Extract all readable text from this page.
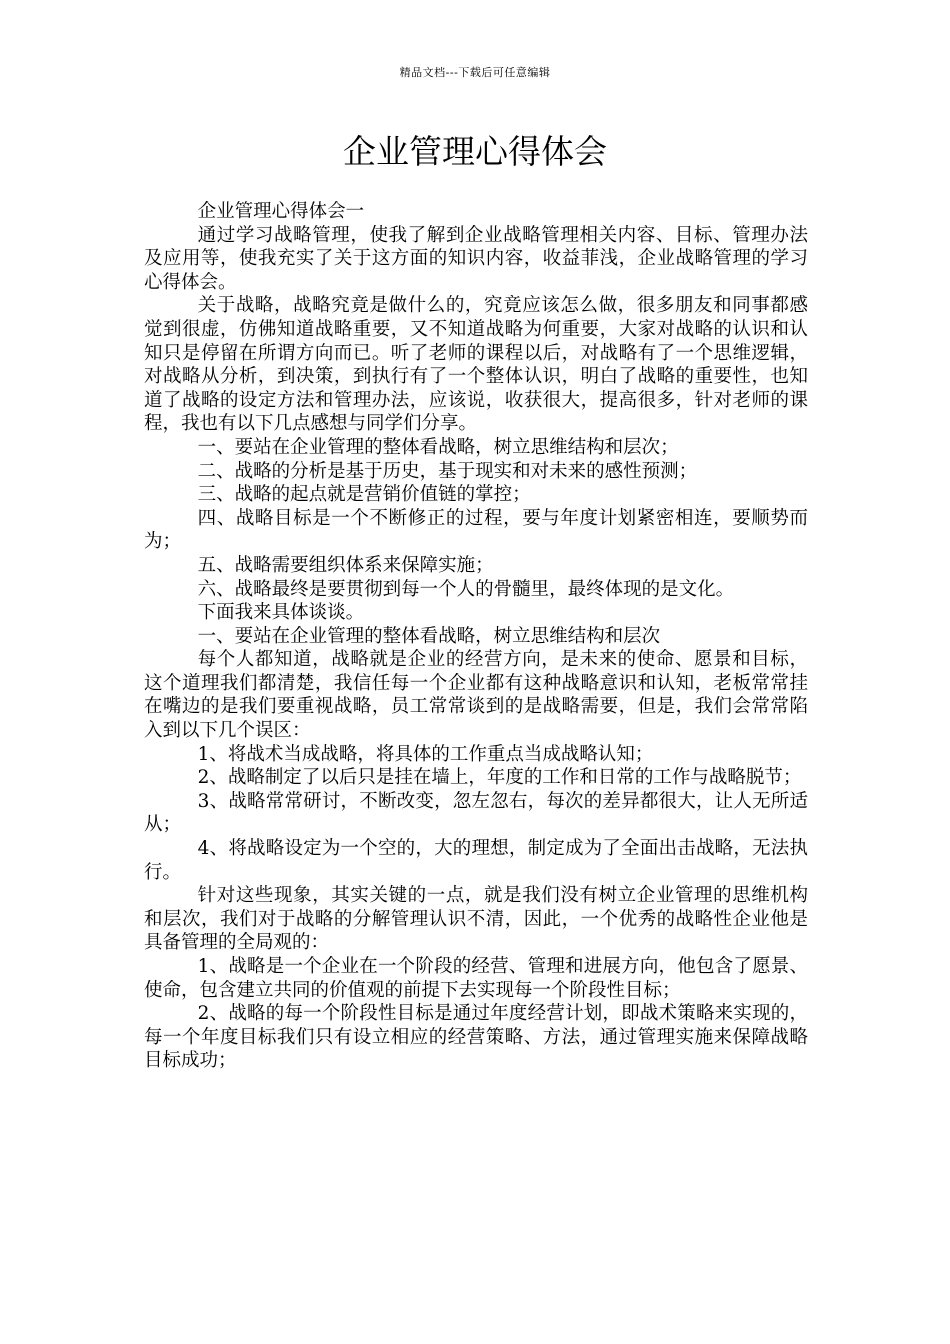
精品文档---下载后可任意编辑
企业管理心得体会

企业管理心得体会一

通过学习战略管理，使我了解到企业战略管理相关内容、目标、管理办法及应用等，使我充实了关于这方面的知识内容，收益菲浅，企业战略管理的学习心得体会。

关于战略，战略究竟是做什么的，究竟应该怎么做，很多朋友和同事都感觉到很虚，仿佛知道战略重要，又不知道战略为何重要，大家对战略的认识和认知只是停留在所谓方向而已。听了老师的课程以后，对战略有了一个思维逻辑，对战略从分析，到决策，到执行有了一个整体认识，明白了战略的重要性，也知道了战略的设定方法和管理办法，应该说，收获很大，提高很多，针对老师的课程，我也有以下几点感想与同学们分享。

一、要站在企业管理的整体看战略，树立思维结构和层次；

二、战略的分析是基于历史，基于现实和对未来的感性预测；

三、战略的起点就是营销价值链的掌控；

四、战略目标是一个不断修正的过程，要与年度计划紧密相连，要顺势而为；

五、战略需要组织体系来保障实施；

六、战略最终是要贯彻到每一个人的骨髓里，最终体现的是文化。

下面我来具体谈谈。

一、要站在企业管理的整体看战略，树立思维结构和层次

每个人都知道，战略就是企业的经营方向，是未来的使命、愿景和目标，这个道理我们都清楚，我信任每一个企业都有这种战略意识和认知，老板常常挂在嘴边的是我们要重视战略，员工常常谈到的是战略需要，但是，我们会常常陷入到以下几个误区：

1、将战术当成战略，将具体的工作重点当成战略认知；

2、战略制定了以后只是挂在墙上，年度的工作和日常的工作与战略脱节；

3、战略常常研讨，不断改变，忽左忽右，每次的差异都很大，让人无所适从；

4、将战略设定为一个空的，大的理想，制定成为了全面出击战略，无法执行。

针对这些现象，其实关键的一点，就是我们没有树立企业管理的思维机构和层次，我们对于战略的分解管理认识不清，因此，一个优秀的战略性企业他是具备管理的全局观的：

1、战略是一个企业在一个阶段的经营、管理和进展方向，他包含了愿景、使命，包含建立共同的价值观的前提下去实现每一个阶段性目标；

2、战略的每一个阶段性目标是通过年度经营计划，即战术策略来实现的，每一个年度目标我们只有设立相应的经营策略、方法，通过管理实施来保障战略目标成功；
